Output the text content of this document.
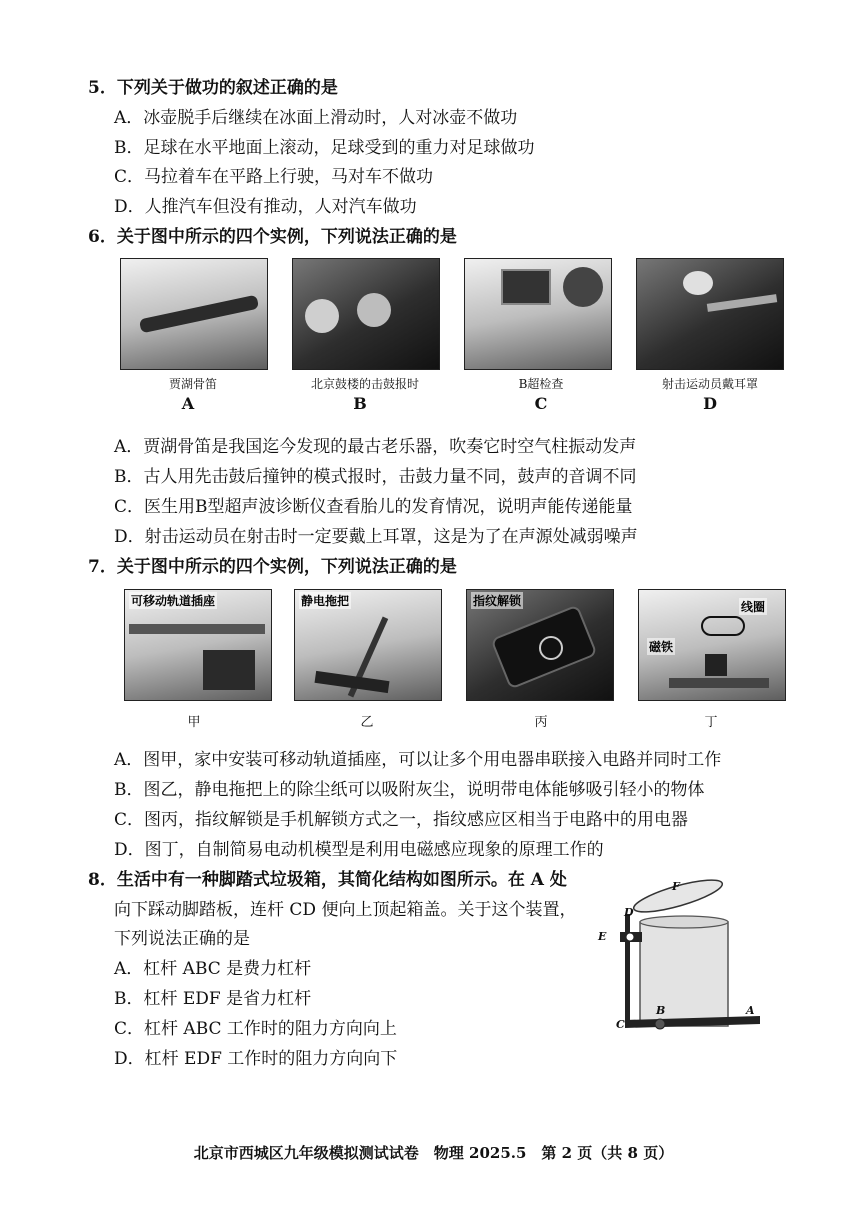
5．下列关于做功的叙述正确的是
A．冰壶脱手后继续在冰面上滑动时，人对冰壶不做功
B．足球在水平地面上滚动，足球受到的重力对足球做功
C．马拉着车在平路上行驶，马对车不做功
D．人推汽车但没有推动，人对汽车做功
6．关于图中所示的四个实例，下列说法正确的是
贾湖骨笛	北京鼓楼的击鼓报时	B超检查	射击运动员戴耳罩
A	B	C	D
A．贾湖骨笛是我国迄今发现的最古老乐器，吹奏它时空气柱振动发声
B．古人用先击鼓后撞钟的模式报时，击鼓力量不同，鼓声的音调不同
C．医生用B型超声波诊断仪查看胎儿的发育情况，说明声能传递能量
D．射击运动员在射击时一定要戴上耳罩，这是为了在声源处减弱噪声
7．关于图中所示的四个实例，下列说法正确的是
可移动轨道插座	静电拖把	指纹解锁	线圈
磁铁
甲	乙	丙	丁
A．图甲，家中安装可移动轨道插座，可以让多个用电器串联接入电路并同时工作
B．图乙，静电拖把上的除尘纸可以吸附灰尘，说明带电体能够吸引轻小的物体
C．图丙，指纹解锁是手机解锁方式之一，指纹感应区相当于电路中的用电器
D．图丁，自制简易电动机模型是利用电磁感应现象的原理工作的
8．生活中有一种脚踏式垃圾箱，其简化结构如图所示。在 A 处
向下踩动脚踏板，连杆 CD 便向上顶起箱盖。关于这个装置，
下列说法正确的是
A．杠杆 ABC 是费力杠杆
B．杠杆 EDF 是省力杠杆
C．杠杆 ABC 工作时的阻力方向向上
D．杠杆 EDF 工作时的阻力方向向下
F
D
E
C
B	A
北京市西城区九年级模拟测试试卷　物理 2025.5　第 2 页（共 8 页）
